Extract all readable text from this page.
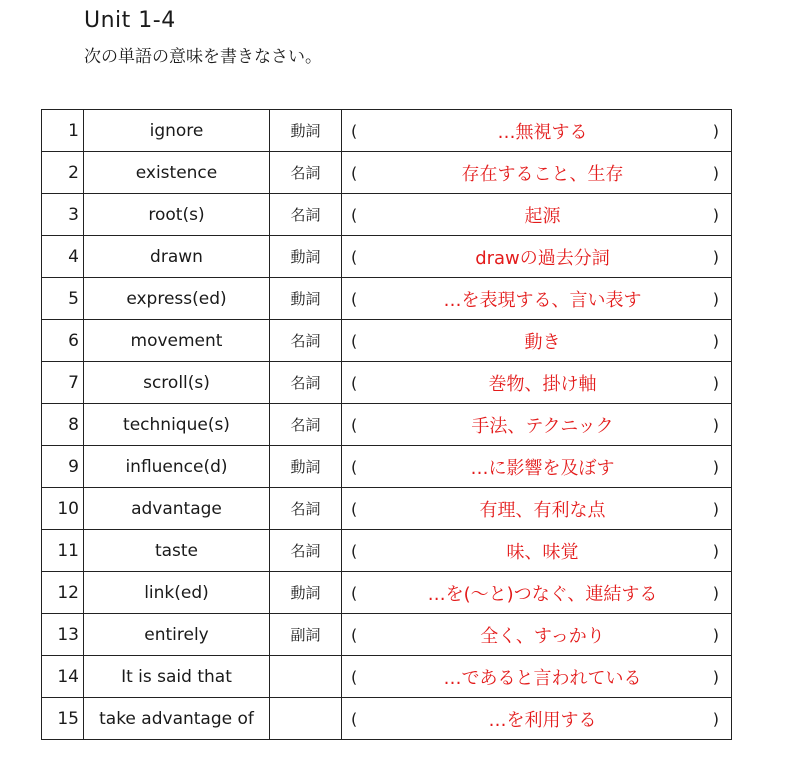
Unit 1-4
次の単語の意味を書きなさい。
1	ignore	動詞	( …無視する )

2	existence	名詞	( 存在すること、生存 )

3	root(s)	名詞	( 起源 )

4	drawn	動詞	( drawの過去分詞 )

5	express(ed)	動詞	( …を表現する、言い表す )

6	movement	名詞	( 動き )

7	scroll(s)	名詞	( 巻物、掛け軸 )

8	technique(s)	名詞	( 手法、テクニック )

9	influence(d)	動詞	( …に影響を及ぼす )

10	advantage	名詞	( 有理、有利な点 )

11	taste	名詞	( 味、味覚 )

12	link(ed)	動詞	( …を(～と)つなぐ、連結する )

13	entirely	副詞	( 全く、すっかり )

14	It is said that		( …であると言われている )

15	take advantage of		( …を利用する )
